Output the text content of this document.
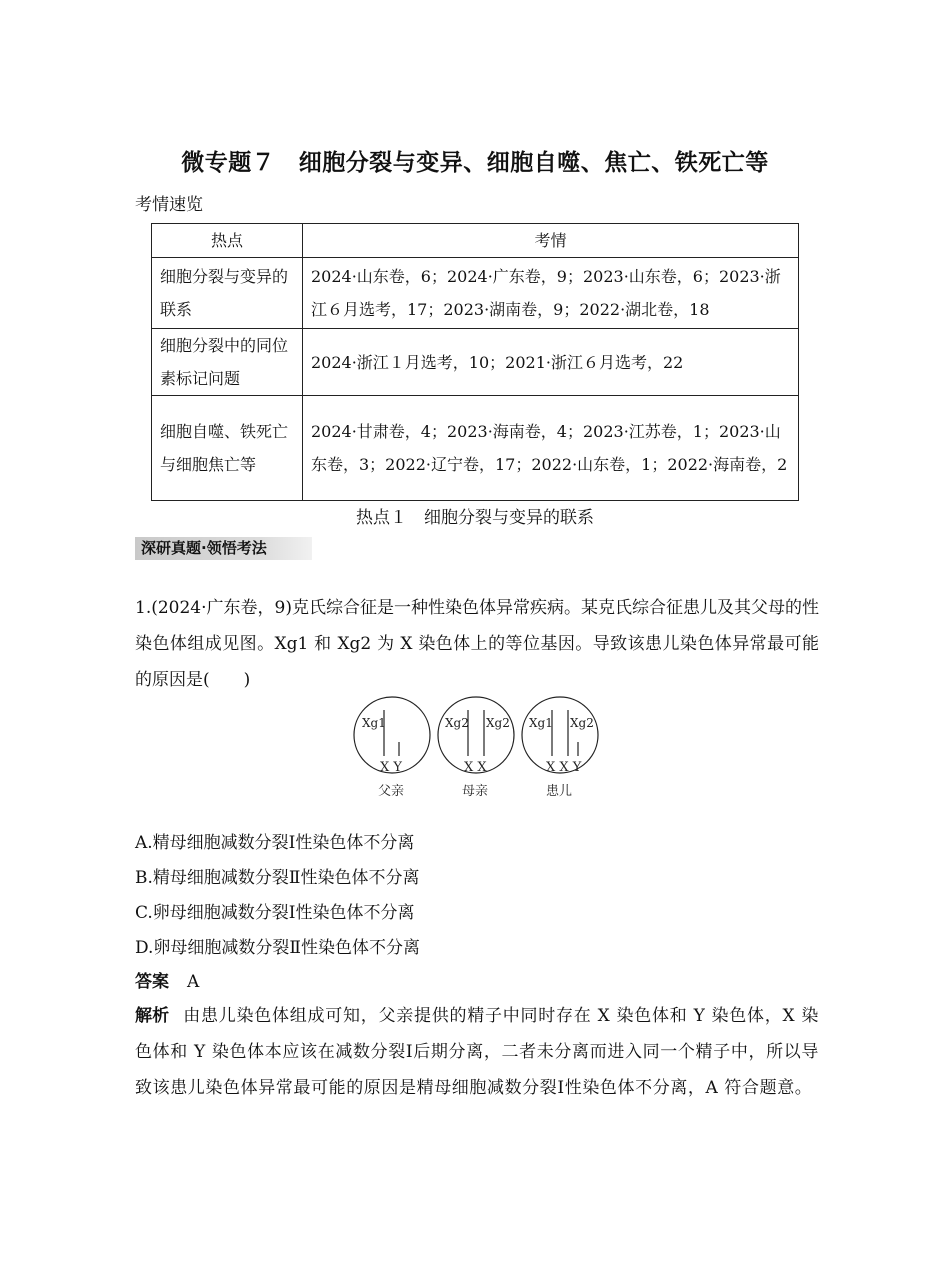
微专题７　细胞分裂与变异、细胞自噬、焦亡、铁死亡等
考情速览
热点	考情
细胞分裂与变异的联系	2024·山东卷，6；2024·广东卷，9；2023·山东卷，6；2023·浙江６月选考，17；2023·湖南卷，9；2022·湖北卷，18
细胞分裂中的同位素标记问题	2024·浙江１月选考，10；2021·浙江６月选考，22
细胞自噬、铁死亡与细胞焦亡等	2024·甘肃卷，4；2023·海南卷，4；2023·江苏卷，1；2023·山东卷，3；2022·辽宁卷，17；2022·山东卷，1；2022·海南卷，2
热点１　细胞分裂与变异的联系
深研真题·领悟考法
1.(2024·广东卷，9)克氏综合征是一种性染色体异常疾病。某克氏综合征患儿及其父母的性染色体组成见图。Xg1 和 Xg2 为 X 染色体上的等位基因。导致该患儿染色体异常最可能的原因是(　　)
Xg1
X Y
父亲
Xg2 Xg2
X X
母亲
Xg1 Xg2
X X Y
患儿
A.精母细胞减数分裂Ⅰ性染色体不分离
B.精母细胞减数分裂Ⅱ性染色体不分离
C.卵母细胞减数分裂Ⅰ性染色体不分离
D.卵母细胞减数分裂Ⅱ性染色体不分离
答案 A
解析 由患儿染色体组成可知，父亲提供的精子中同时存在 X 染色体和 Y 染色体，X 染色体和 Y 染色体本应该在减数分裂Ⅰ后期分离，二者未分离而进入同一个精子中，所以导致该患儿染色体异常最可能的原因是精母细胞减数分裂Ⅰ性染色体不分离，A 符合题意。
